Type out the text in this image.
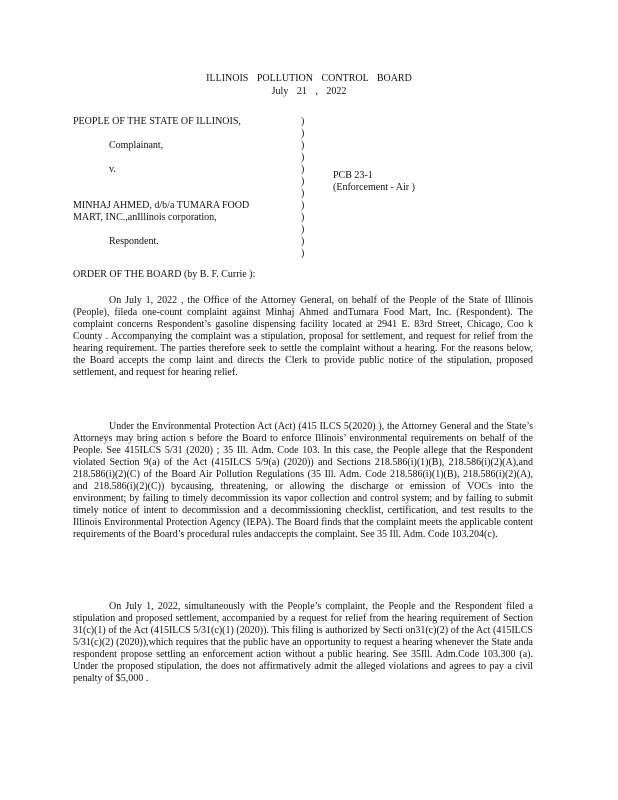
ILLINOIS POLLUTION CONTROL BOARD
July 21 , 2022
PEOPLE OF THE STATE OF ILLINOIS,
Complainant,
v.
MINHAJ AHMED, d/b/a TUMARA FOOD
MART, INC.,anIllinois corporation,
Respondent.
)
)
)
)
)
)
)
)
)
)
)
)
PCB 23-1
(Enforcement - Air )
ORDER OF THE BOARD (by B. F. Currie ):

On July 1, 2022 , the Office of the Attorney General, on behalf of the People of the State of Illinois (People), fileda one-count complaint against Minhaj Ahmed andTumara Food Mart, Inc. (Respondent). The complaint concerns Respondent’s gasoline dispensing facility located at 2941 E. 83rd Street, Chicago, Coo k County . Accompanying the complaint was a stipulation, proposal for settlement, and request for relief from the hearing requirement. The parties therefore seek to settle the complaint without a hearing. For the reasons below, the Board accepts the comp laint and directs the Clerk to provide public notice of the stipulation, proposed settlement, and request for hearing relief.

Under the Environmental Protection Act (Act) (415 ILCS 5(2020) ), the Attorney General and the State’s Attorneys may bring action s before the Board to enforce Illinois’ environmental requirements on behalf of the People. See 415ILCS 5/31 (2020) ; 35 Ill. Adm. Code 103. In this case, the People allege that the Respondent violated Section 9(a) of the Act (415ILCS 5/9(a) (2020)) and Sections 218.586(i)(1)(B), 218.586(i)(2)(A),and 218.586(i)(2)(C) of the Board Air Pollution Regulations (35 Ill. Adm. Code 218.586(i)(1)(B), 218.586(i)(2)(A), and 218.586(i)(2)(C)) bycausing, threatening, or allowing the discharge or emission of VOCs into the environment; by failing to timely decommission its vapor collection and control system; and by failing to submit timely notice of intent to decommission and a decommissioning checklist, certification, and test results to the Illinois Environmental Protection Agency (IEPA). The Board finds that the complaint meets the applicable content requirements of the Board’s procedural rules andaccepts the complaint. See 35 Ill. Adm. Code 103.204(c).

On July 1, 2022, simultaneously with the People’s complaint, the People and the Respondent filed a stipulation and proposed settlement, accompanied by a request for relief from the hearing requirement of Section 31(c)(1) of the Act (415ILCS 5/31(c)(1) (2020)). This filing is authorized by Secti on31(c)(2) of the Act (415ILCS 5/31(c)(2) (2020)),which requires that the public have an opportunity to request a hearing whenever the State anda respondent propose settling an enforcement action without a public hearing. See 35Ill. Adm.Code 103.300 (a). Under the proposed stipulation, the does not affirmatively admit the alleged violations and agrees to pay a civil penalty of $5,000 .
